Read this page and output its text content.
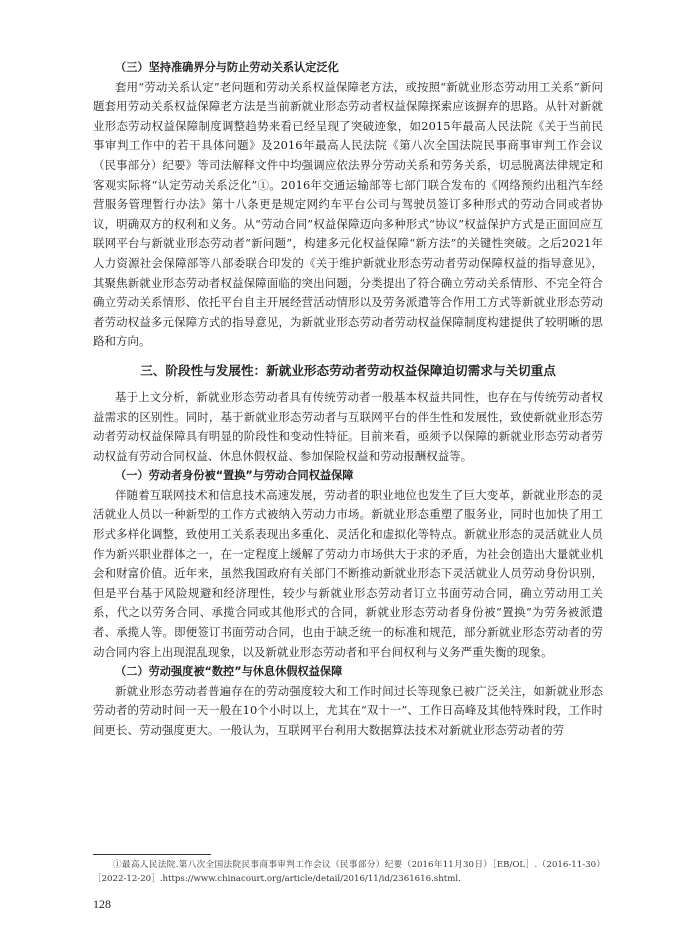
（三）坚持准确界分与防止劳动关系认定泛化

套用“劳动关系认定”老问题和劳动关系权益保障老方法，或按照“新就业形态劳动用工关系”新问题套用劳动关系权益保障老方法是当前新就业形态劳动者权益保障探索应该摒弃的思路。从针对新就业形态劳动权益保障制度调整趋势来看已经呈现了突破迹象，如2015年最高人民法院《关于当前民事审判工作中的若干具体问题》及2016年最高人民法院《第八次全国法院民事商事审判工作会议（民事部分）纪要》等司法解释文件中均强调应依法界分劳动关系和劳务关系，切忌脱离法律规定和客观实际将“认定劳动关系泛化”①。2016年交通运输部等七部门联合发布的《网络预约出租汽车经营服务管理暂行办法》第十八条更是规定网约车平台公司与驾驶员签订多种形式的劳动合同或者协议，明确双方的权利和义务。从“劳动合同”权益保障迈向多种形式“协议”权益保护方式是正面回应互联网平台与新就业形态劳动者“新问题”，构建多元化权益保障“新方法”的关键性突破。之后2021年人力资源社会保障部等八部委联合印发的《关于维护新就业形态劳动者劳动保障权益的指导意见》，其聚焦新就业形态劳动者权益保障面临的突出问题，分类提出了符合确立劳动关系情形、不完全符合确立劳动关系情形、依托平台自主开展经营活动情形以及劳务派遣等合作用工方式等新就业形态劳动者劳动权益多元保障方式的指导意见，为新就业形态劳动者劳动权益保障制度构建提供了较明晰的思路和方向。

三、阶段性与发展性：新就业形态劳动者劳动权益保障迫切需求与关切重点

基于上文分析，新就业形态劳动者具有传统劳动者一般基本权益共同性，也存在与传统劳动者权益需求的区别性。同时，基于新就业形态劳动者与互联网平台的伴生性和发展性，致使新就业形态劳动者劳动权益保障具有明显的阶段性和变动性特征。目前来看，亟须予以保障的新就业形态劳动者劳动权益有劳动合同权益、休息休假权益、参加保险权益和劳动报酬权益等。

（一）劳动者身份被“置换”与劳动合同权益保障

伴随着互联网技术和信息技术高速发展，劳动者的职业地位也发生了巨大变革，新就业形态的灵活就业人员以一种新型的工作方式被纳入劳动力市场。新就业形态重塑了服务业，同时也加快了用工形式多样化调整，致使用工关系表现出多重化、灵活化和虚拟化等特点。新就业形态的灵活就业人员作为新兴职业群体之一，在一定程度上缓解了劳动力市场供大于求的矛盾，为社会创造出大量就业机会和财富价值。近年来，虽然我国政府有关部门不断推动新就业形态下灵活就业人员劳动身份识别，但是平台基于风险规避和经济理性，较少与新就业形态劳动者订立书面劳动合同，确立劳动用工关系，代之以劳务合同、承揽合同或其他形式的合同，新就业形态劳动者身份被“置换”为劳务被派遣者、承揽人等。即便签订书面劳动合同，也由于缺乏统一的标准和规范，部分新就业形态劳动者的劳动合同内容上出现混乱现象，以及新就业形态劳动者和平台间权利与义务严重失衡的现象。

（二）劳动强度被“数控”与休息休假权益保障

新就业形态劳动者普遍存在的劳动强度较大和工作时间过长等现象已被广泛关注，如新就业形态劳动者的劳动时间一天一般在10个小时以上，尤其在“双十一”、工作日高峰及其他特殊时段，工作时间更长、劳动强度更大。一般认为，互联网平台利用大数据算法技术对新就业形态劳动者的劳

①最高人民法院.第八次全国法院民事商事审判工作会议（民事部分）纪要（2016年11月30日）［EB/OL］.（2016-11-30）［2022-12-20］.https://www.chinacourt.org/article/detail/2016/11/id/2361616.shtml.
128
